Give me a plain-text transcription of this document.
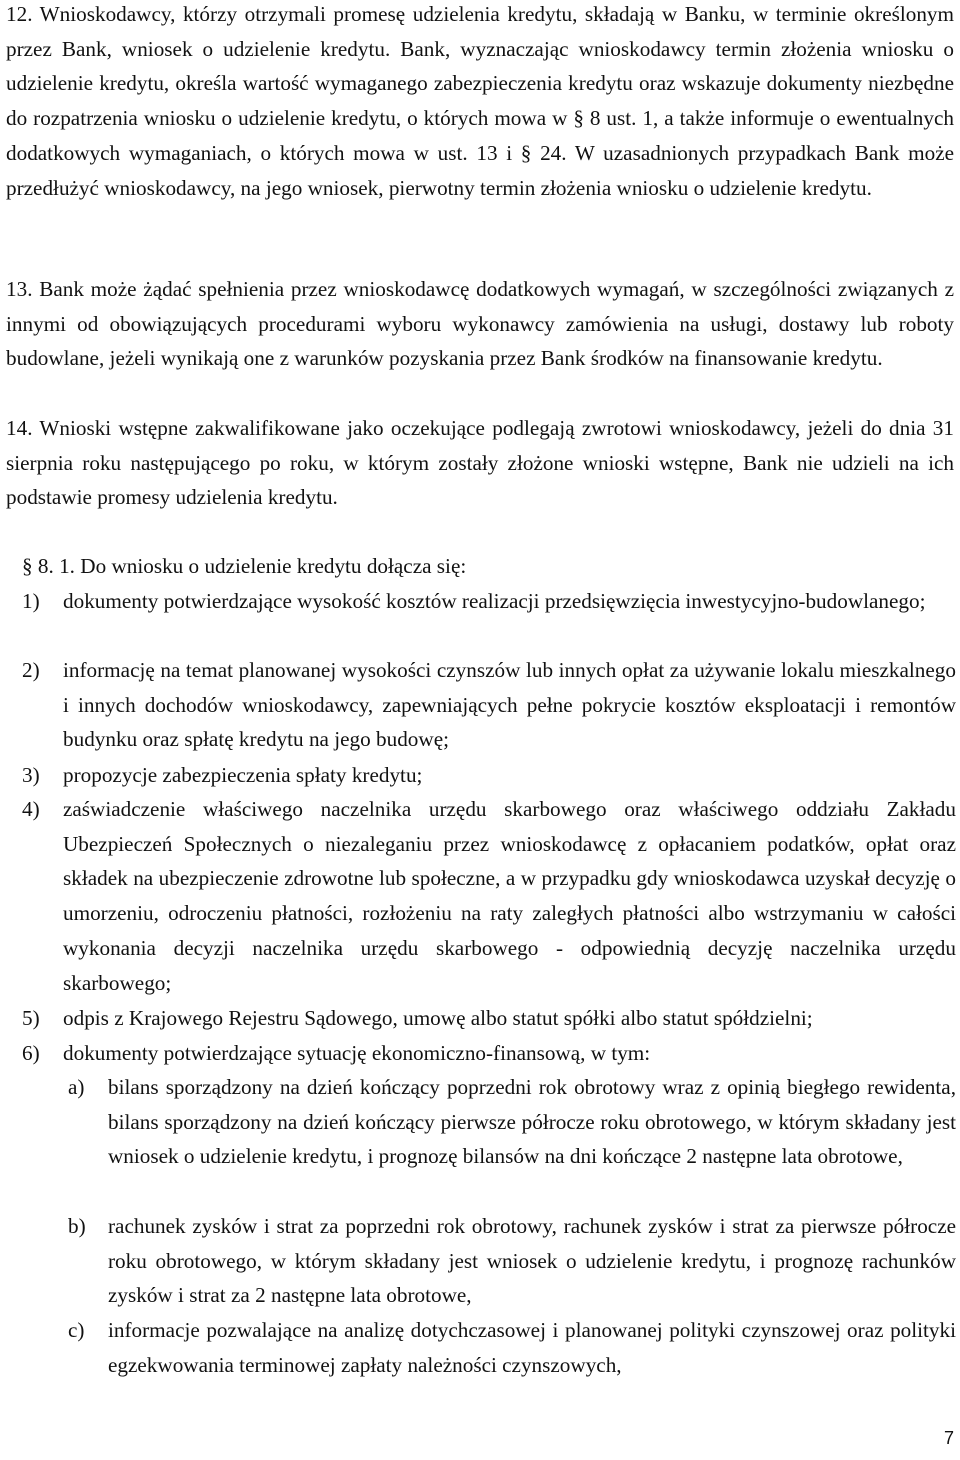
12. Wnioskodawcy, którzy otrzymali promesę udzielenia kredytu, składają w Banku, w terminie określonym przez Bank, wniosek o udzielenie kredytu. Bank, wyznaczając wnioskodawcy termin złożenia wniosku o udzielenie kredytu, określa wartość wymaganego zabezpieczenia kredytu oraz wskazuje dokumenty niezbędne do rozpatrzenia wniosku o udzielenie kredytu, o których mowa w § 8 ust. 1, a także informuje o ewentualnych dodatkowych wymaganiach, o których mowa w ust. 13 i § 24. W uzasadnionych przypadkach Bank może przedłużyć wnioskodawcy, na jego wniosek, pierwotny termin złożenia wniosku o udzielenie kredytu.

13. Bank może żądać spełnienia przez wnioskodawcę dodatkowych wymagań, w szczególności związanych z innymi od obowiązujących procedurami wyboru wykonawcy zamówienia na usługi, dostawy lub roboty budowlane, jeżeli wynikają one z warunków pozyskania przez Bank środków na finansowanie kredytu.

14. Wnioski wstępne zakwalifikowane jako oczekujące podlegają zwrotowi wnioskodawcy, jeżeli do dnia 31 sierpnia roku następującego po roku, w którym zostały złożone wnioski wstępne, Bank nie udzieli na ich podstawie promesy udzielenia kredytu.

§ 8. 1. Do wniosku o udzielenie kredytu dołącza się:

1) dokumenty potwierdzające wysokość kosztów realizacji przedsięwzięcia inwestycyjno-budowlanego;

2) informację na temat planowanej wysokości czynszów lub innych opłat za używanie lokalu mieszkalnego i innych dochodów wnioskodawcy, zapewniających pełne pokrycie kosztów eksploatacji i remontów budynku oraz spłatę kredytu na jego budowę;

3) propozycje zabezpieczenia spłaty kredytu;

4) zaświadczenie właściwego naczelnika urzędu skarbowego oraz właściwego oddziału Zakładu Ubezpieczeń Społecznych o niezaleganiu przez wnioskodawcę z opłacaniem podatków, opłat oraz składek na ubezpieczenie zdrowotne lub społeczne, a w przypadku gdy wnioskodawca uzyskał decyzję o umorzeniu, odroczeniu płatności, rozłożeniu na raty zaległych płatności albo wstrzymaniu w całości wykonania decyzji naczelnika urzędu skarbowego - odpowiednią decyzję naczelnika urzędu skarbowego;

5) odpis z Krajowego Rejestru Sądowego, umowę albo statut spółki albo statut spółdzielni;

6) dokumenty potwierdzające sytuację ekonomiczno-finansową, w tym:

a) bilans sporządzony na dzień kończący poprzedni rok obrotowy wraz z opinią biegłego rewidenta, bilans sporządzony na dzień kończący pierwsze półrocze roku obrotowego, w którym składany jest wniosek o udzielenie kredytu, i prognozę bilansów na dni kończące 2 następne lata obrotowe,

b) rachunek zysków i strat za poprzedni rok obrotowy, rachunek zysków i strat za pierwsze półrocze roku obrotowego, w którym składany jest wniosek o udzielenie kredytu, i prognozę rachunków zysków i strat za 2 następne lata obrotowe,

c) informacje pozwalające na analizę dotychczasowej i planowanej polityki czynszowej oraz polityki egzekwowania terminowej zapłaty należności czynszowych,

7
